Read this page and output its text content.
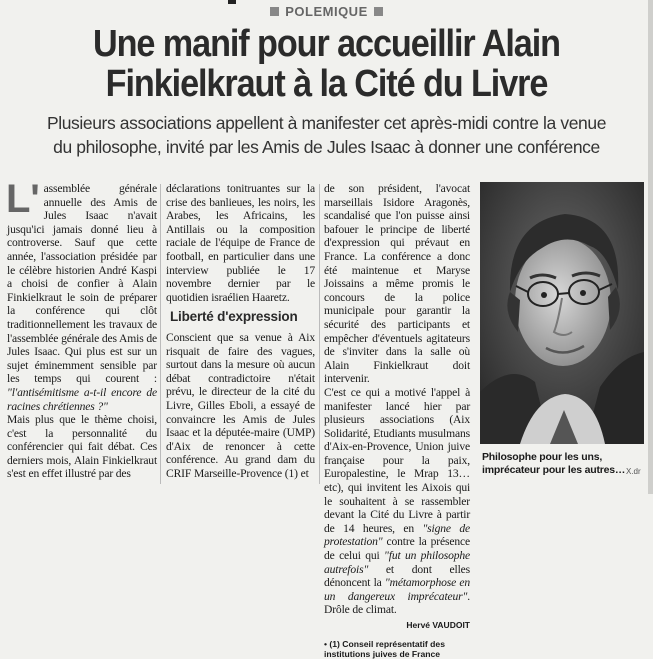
POLEMIQUE
Une manif pour accueillir Alain
Finkielkraut à la Cité du Livre
Plusieurs associations appellent à manifester cet après-midi contre la venue
du philosophe, invité par les Amis de Jules Isaac à donner une conférence

L' assemblée générale annuelle des Amis de Jules Isaac n'avait jusqu'ici jamais donné lieu à controverse. Sauf que cette année, l'association présidée par le célèbre historien André Kaspi a choisi de confier à Alain Finkielkraut le soin de préparer la conférence qui clôt traditionnellement les travaux de l'assemblée générale des Amis de Jules Isaac. Qui plus est sur un sujet éminemment sensible par les temps qui courent : "l'antisémitisme a-t-il encore de racines chrétiennes ?"

Mais plus que le thème choisi, c'est la personnalité du conférencier qui fait débat. Ces derniers mois, Alain Finkielkraut s'est en effet illustré par des

déclarations tonitruantes sur la crise des banlieues, les noirs, les Arabes, les Africains, les Antillais ou la composition raciale de l'équipe de France de football, en particulier dans une interview publiée le 17 novembre dernier par le quotidien israélien Haaretz.

Liberté d'expression

Conscient que sa venue à Aix risquait de faire des vagues, surtout dans la mesure où aucun débat contradictoire n'était prévu, le directeur de la cité du Livre, Gilles Eboli, a essayé de convaincre les Amis de Jules Isaac et la députée-maire (UMP) d'Aix de renoncer à cette conférence. Au grand dam du CRIF Marseille-Provence (1) et

de son président, l'avocat marseillais Isidore Aragonès, scandalisé que l'on puisse ainsi bafouer le principe de liberté d'expression qui prévaut en France. La conférence a donc été maintenue et Maryse Joissains a même promis le concours de la police municipale pour garantir la sécurité des participants et empêcher d'éventuels agitateurs de s'inviter dans la salle où Alain Finkielkraut doit intervenir.

C'est ce qui a motivé l'appel à manifester lancé hier par plusieurs associations (Aix Solidarité, Etudiants musulmans d'Aix-en-Provence, Union juive française pour la paix, Europalestine, le Mrap 13… etc), qui invitent les Aixois qui le souhaitent à se rassembler devant la Cité du Livre à partir de 14 heures, en "signe de protestation" contre la présence de celui qui "fut un philosophe autrefois" et dont elles dénoncent la "métamorphose en un dangereux imprécateur". Drôle de climat.

Hervé VAUDOIT
• (1) Conseil représentatif des institutions juives de France
Philosophe pour les uns, imprécateur pour les autres… X.dr
